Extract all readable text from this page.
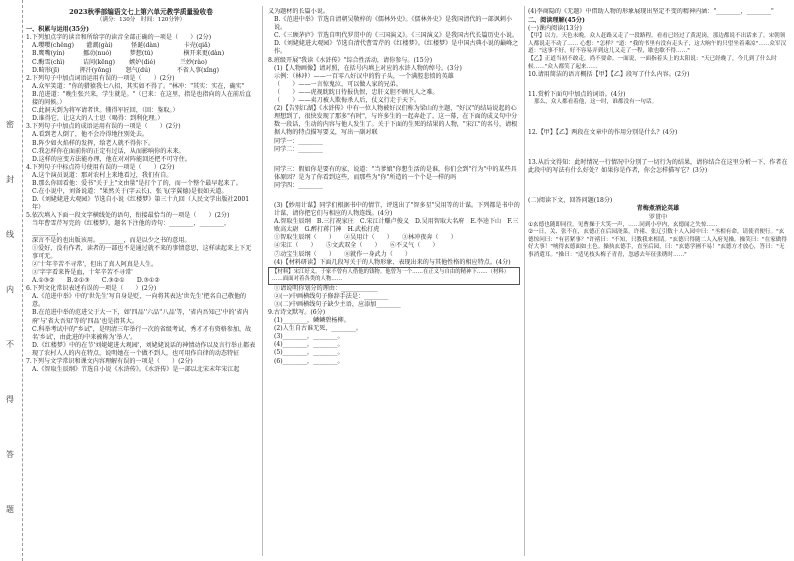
密
封
线
内
不
得
答
题
2023秋季部编语文七上第六单元教学质量验收卷
（满分：130分　时间：120分钟）
一、积累与运用(35分)

1.下列加点字的读音和所给字的读音全部正确的一项是（　　）(2分)

A.嘤嘤(chěng)　　灌溉(gài)　　　怪诞(dàn)　　　　卡壳(qiǎ)

B.鹰嘴(yín)　　　挪动(nuó)　　　梦想(tǔ)　　　　　横开来更(dàn)

C.酶雪(chì)　　　诘问(kēng)　　 嫉妒(dié)　　　　兰妙(rào)

D.畸形(jī)　　　 挥汗(yōng)　　 怒气(dú)　　　　 不省人事(xǐng)

2.下列句子中加点词语运用有误的一项是（　　）(2分)

A.众军笑道："你的猎猿我七八招，其实如不得了。"林冲："其实：实在，确实"

B.范进道："晚生张兴来，学生就是。"（已来：在这里，指是也指向的人在前后直接的问候。）

C.此洞天到为将军请者世。懂得军匠回，（回：鉴取。）

D.谁得它，让这大的人士思（喝得：到利化理。）

3.下列句子中加点的成语运用有误的一项是（　　）(2分)

A.看到老人倒了，他不会冷得地往别处去。

B.阵少如火焰样的发挥，给老人就不得你下。

C.我怎样你在面前你的正定有过话，从而影响你的未来。

D.这样的应变方法能办理，他在对对阵能回还把不可守住。

4.下列句子中标点符号使用有误的一项是（　　）(2分)

A.这个演员说道：那对农村上来地看过，我们有自。

B.那么你回看他：爱书"关于上"文由量"是打个了的，而一个整个最早起来了。

C.在小说中，刘备说道："果然关于(字云长)、张飞(字翼德)是很如天道。

D.《刘姥姥进大观园》节选自小说《红楼梦》第三十九回（人民文学出版社2001年）

5.依次填入下面一段文字横线处的语句，衔接最恰当的一项是（　　）(2分)

当年曹雪芹写完的《红楼梦》，题名下注他的诗句：________，________，________，

深言不是的也出版该用。________，而是以少之书的意用。

①爱好，没有作者，读者的一部也不是通过就不来的事情意思，这样读起来上下无事可无。

②'十年辛苦不寻常'，但出了真人阿真是人生。

③'字字看来皆是血，十年辛苦不寻常'

A.①③②　　B.②①③　　C.③②①　　D.③①②

6.下列文化常识表述有误的一项是（　　）(2分)

A.《范进中举》中的'世先生'写自身是贬，一向将其表达'世先生'把名自己敬他的意。

B.在范进中举的范进父于大一下，如'四品''六品''八品'等，'省内吾知己'中的'省内府'与'省大吾知'等的'四品'也是指其大。

C.科举考试中的"乡试"，是明清三年举行一次的省级考试，秀才才有资格参加，故名'乡试'，由此进的中来被称为'举人'。

D.《红楼梦》中的在节'刘姥姥进大观园'，刘姥姥说话的神情动作以及言行举止都表现了农村人人的内在特点，说明她在一个做不到人，也可用作自律的动态特征

7.下列与文学常识和课文内容理解有误的一项是（　　）(2分)

A.《智取生辰纲》节选自小说《水浒传》。《水浒传》是一部以北宋末年宋江起

义为题材的长篇小说。

B.《范进中举》节选自清朝吴敬梓的《儒林外史》。《儒林外史》是我国清代的一部讽刺小说。

C.《三顾茅庐》节选自明代罗贯中的《三国演义》。《三国演义》是我国古代长篇历史小说。

D.《刘姥姥进大观园》节选自清代曹雪芹的《红楼梦》。《红楼梦》是中国古典小说的巅峰之作。

8.班级开展"我读《水浒传》"综合性活动，请你参与。(15分)

(1)【人物画像】请对照，在括号内填上对应的水浒人物的绰号。(3分)

示例：（林冲）——一百零八好汉中的豹子头，一个满腔悲愤的英雄

（　　）——一言惊鬼泣，可以做人家的兄弟。

（　　）——虎视眈眈日待报仇恨，忠肝义胆不顾凡人之难。

（　　）——卖刀被人欺侮杀人后，仗义行走于天下。

(2)【告别江湖】《水浒传》中有一位人物被好汉们称为梁山的主题，"好汉"的结局说起的心理想到了，很快发现了那多"有时"，与许多生的一起奔赴了。这一幕，在下面的成义句中分数一段话，生动的内容与他人发生了。关于下面的生死的结果的人物，"宋江"的名号，请根据人物的特点描写要义，写出一副对联

同学一：________

同学二：________

同学三：假如你是要有的家，说道："当爹娘"你想生活的是谁，你们会到"行为"中的某些具体原因？是为了你看到这些，而那些为"你"所造的一个个是一样的吗

同学四：________

(3)【妙用计谋】同学们根据书中的情节，评选出了"智多星"吴用等的计谋。下列都是书中的计谋，请你把它们与相应的人物连线。(4分)

A.智取生辰纲　B.三打祝家庄　C.宋江计赚卢俊义　D.吴用智取大名府　E.李逵下山　F.三败高太尉　G.醉打蒋门神　H.武松打虎

①智取生辰纲（　　）　　②吴用计（　　）　　③林冲夜奔（　　）

④宋江（　　）　　⑤文武双全（　　）　　⑥不义气（　　）

⑦动宝生辰纲（　　）　　⑧就作一身武力（　　）

(4)【材料研读】下面几段写关于的人物形象、表现出来的与其他性格的相应特点。(4分)

【材料】宋江好义，于家不曾有人借他的钱物。他曾为一个……在正义与自由的精神下……（材料）

……面面对着各类的人物……

①请说明你划分的理由：____________

②(一)中画横线句子修辞手法是：________

③(二)中画横线句子缺少主语，应添加________

9.古诗文默写。(6分)

(1)________，鳞鳞碧杨柳。

(2)人生自古谁无死，________。

(3)________，________。

(4)________，________。

(5)________，________。

(6)________，________。

(4)李商隐的《无题》中借助人物的形象展现出坚定不变的精神内涵："________，________"

二、阅读理解(45分)

(一)课内阅读(13分)

【甲】以力，天色未晚，众人赶路又走了一段路程，看看已经过了黄泥岗，那边都说不出话来了，宋朝领人都说走不动了…… 心想："怎样？"道："我的书里有没有走头子，这大晌午的只望坐着乘凉"……众军汉道："这事不好，好不容易弄到这儿又走了一程，歇也歇不得……"

【乙】正道当初不敢走，尚不要命。一面说，一面指着头上的太阳说："天已经晚了，今儿到了什么时候……"众人都笑了起来……

10.请用简洁的语言概括【甲】【乙】段写了什么内容。(2分)

11.赏析下面句中加点的词语。(4分)

那么，众人都看着他，这一时，谁都没有一句话。

12.【甲】【乙】两段在文章中的作用分别是什么？(4分)

13.从后文得知：此时情况一行情况中分别了一切行为的结果，请你结合在这里分析一下，作者在此段中的写法有什么好处？如果你是作者，你会怎样描写它？(3分)

(二)阅读下文，回答问题(18分)

青梅煮酒论英雄

罗贯中

①玄德也随即同往，见曹操于大笑一声，……同到小亭内，玄德闻之失惊……

②一日，关、张不在，玄德正在后园浇菜，许褚、张辽引数十人入园中曰："丞相有命，请使君便行。"玄德惊问曰："有甚紧事？"许褚曰："不知，只教我来相请。"玄德只得随二人入府见操。操笑曰："在家做得好大事！"唬得玄德面如土色。操执玄德手，直至后园，曰："玄德学圃不易！"玄德方才放心，答曰："无事消遣耳。"操曰："适见枝头梅子青青，忽感去年征张绣时……"
